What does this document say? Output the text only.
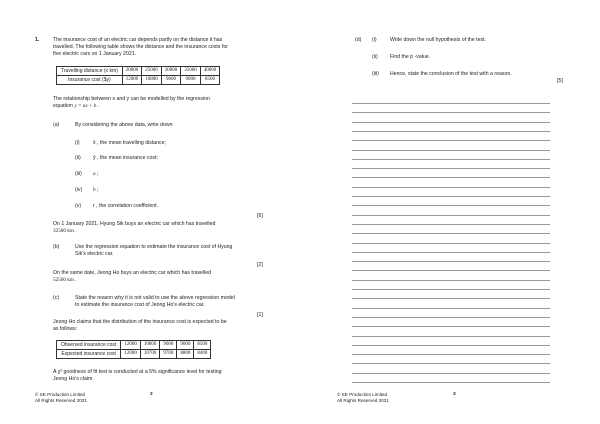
1.	The insurance cost of an electric car depends partly on the distance it has
travelled. The following table shows the distance and the insurance costs for
five electric cars on 1 January 2021.
Travelling distance (x km)	20000	25000	30000	35000	40000
Insurance cost ($y)	12000	10800	9600	9000	8500
The relationship between x and y can be modelled by the regression
equation y = ax + b .
(a)	By considering the above data, write down
(i)	x̄ , the mean travelling distance;
(ii) ȳ , the mean insurance cost;
(iii) a ;
(iv) b ;
(v) r , the correlation coefficient.
[6]
On 1 January 2021, Hyung Sik buys an electric car which has travelled
32500 km .
(b)	Use the regression equation to estimate the insurance cost of Hyung
Sik's electric car.
[2]
On the same date, Jeong Ho buys an electric car which has travelled
52500 km .
(c)	State the reason why it is not valid to use the above regression model
to estimate the insurance cost of Jeong Ho's electric car.
[1]
Jeong Ho claims that the distribution of the insurance cost is expected to be
as follows:
Observed insurance cost	12000	10800	9600	9000	8500
Expected insurance cost	12000	10700	9700	8800	8400
A χ² goodness of fit test is conducted at a 5% significance level for testing
Jeong Ho's claim.
© SE Production Limited
All Rights Reserved 2021
2
(d) (i)	Write down the null hypothesis of the test.
(ii) Find the p -value.
(iii) Hence, state the conclusion of the test with a reason.
[5]
© SE Production Limited
All Rights Reserved 2021
3
